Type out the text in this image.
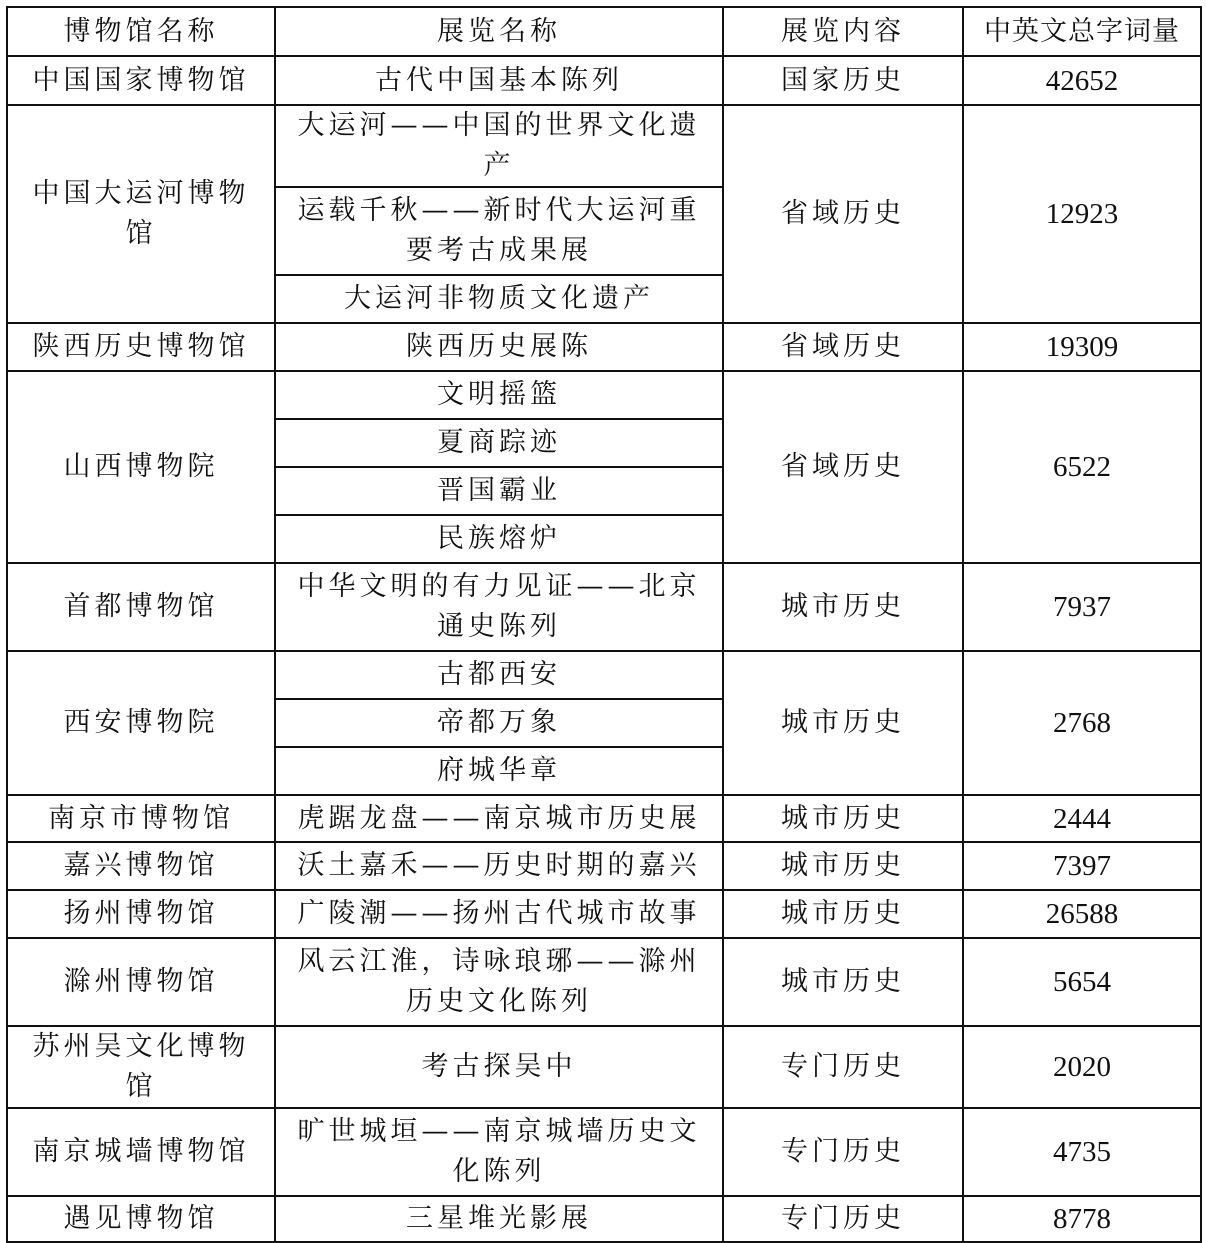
博物馆名称	展览名称	展览内容	中英文总字词量
中国国家博物馆	古代中国基本陈列	国家历史	42652
中国大运河博物馆	大运河——中国的世界文化遗产	省域历史	12923
	运载千秋——新时代大运河重要考古成果展		
	大运河非物质文化遗产		
陕西历史博物馆	陕西历史展陈	省域历史	19309
山西博物院	文明摇篮	省域历史	6522
	夏商踪迹		
	晋国霸业		
	民族熔炉		
首都博物馆	中华文明的有力见证——北京通史陈列	城市历史	7937
西安博物院	古都西安	城市历史	2768
	帝都万象		
	府城华章		
南京市博物馆	虎踞龙盘——南京城市历史展	城市历史	2444
嘉兴博物馆	沃土嘉禾——历史时期的嘉兴	城市历史	7397
扬州博物馆	广陵潮——扬州古代城市故事	城市历史	26588
滁州博物馆	风云江淮，诗咏琅琊——滁州历史文化陈列	城市历史	5654
苏州吴文化博物馆	考古探吴中	专门历史	2020
南京城墙博物馆	旷世城垣——南京城墙历史文化陈列	专门历史	4735
遇见博物馆	三星堆光影展	专门历史	8778
